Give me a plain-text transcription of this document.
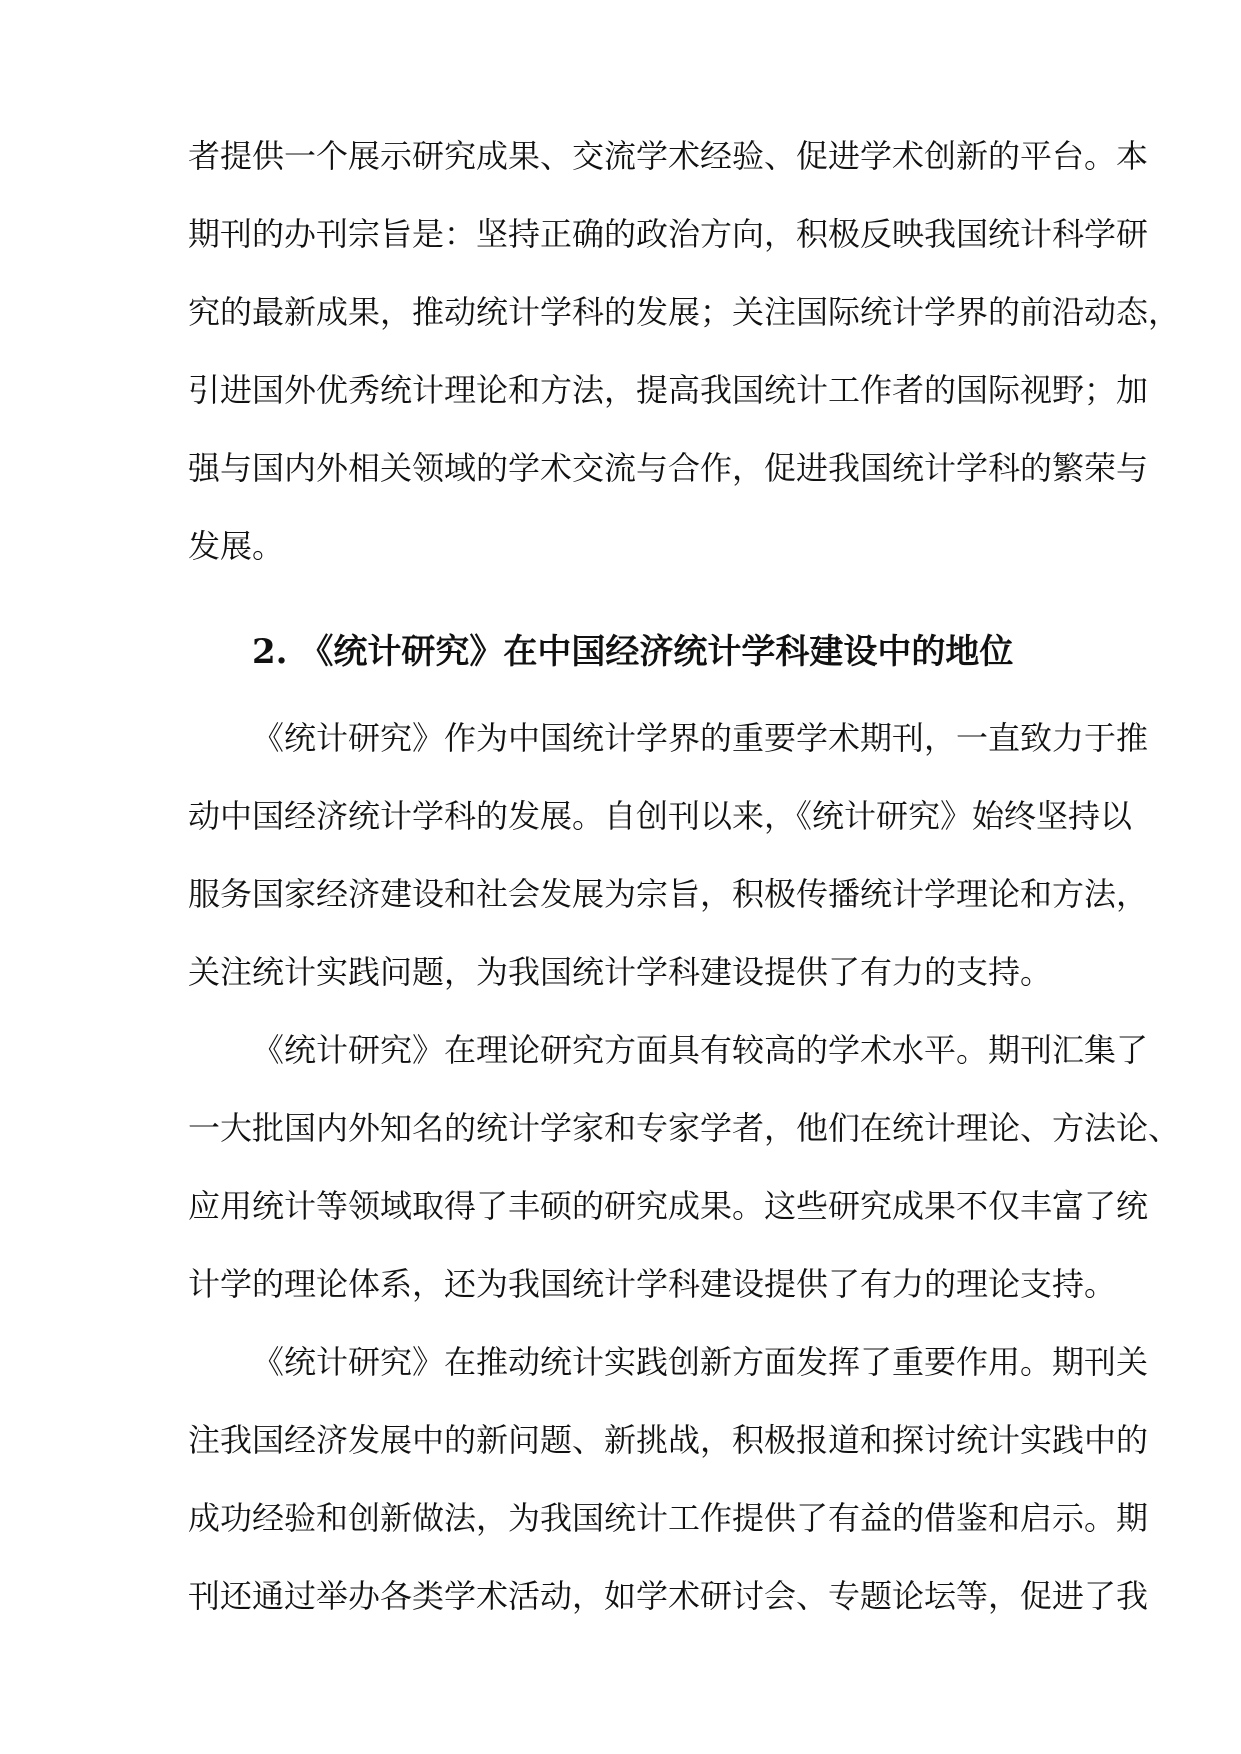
者提供一个展示研究成果、交流学术经验、促进学术创新的平台。本
期刊的办刊宗旨是：坚持正确的政治方向，积极反映我国统计科学研
究的最新成果，推动统计学科的发展；关注国际统计学界的前沿动态，
引进国外优秀统计理论和方法，提高我国统计工作者的国际视野；加
强与国内外相关领域的学术交流与合作，促进我国统计学科的繁荣与
发展。
2. 《统计研究》在中国经济统计学科建设中的地位
《统计研究》作为中国统计学界的重要学术期刊，一直致力于推
动中国经济统计学科的发展。自创刊以来，《统计研究》始终坚持以
服务国家经济建设和社会发展为宗旨，积极传播统计学理论和方法，
关注统计实践问题，为我国统计学科建设提供了有力的支持。
《统计研究》在理论研究方面具有较高的学术水平。期刊汇集了
一大批国内外知名的统计学家和专家学者，他们在统计理论、方法论、
应用统计等领域取得了丰硕的研究成果。这些研究成果不仅丰富了统
计学的理论体系，还为我国统计学科建设提供了有力的理论支持。
《统计研究》在推动统计实践创新方面发挥了重要作用。期刊关
注我国经济发展中的新问题、新挑战，积极报道和探讨统计实践中的
成功经验和创新做法，为我国统计工作提供了有益的借鉴和启示。期
刊还通过举办各类学术活动，如学术研讨会、专题论坛等，促进了我
